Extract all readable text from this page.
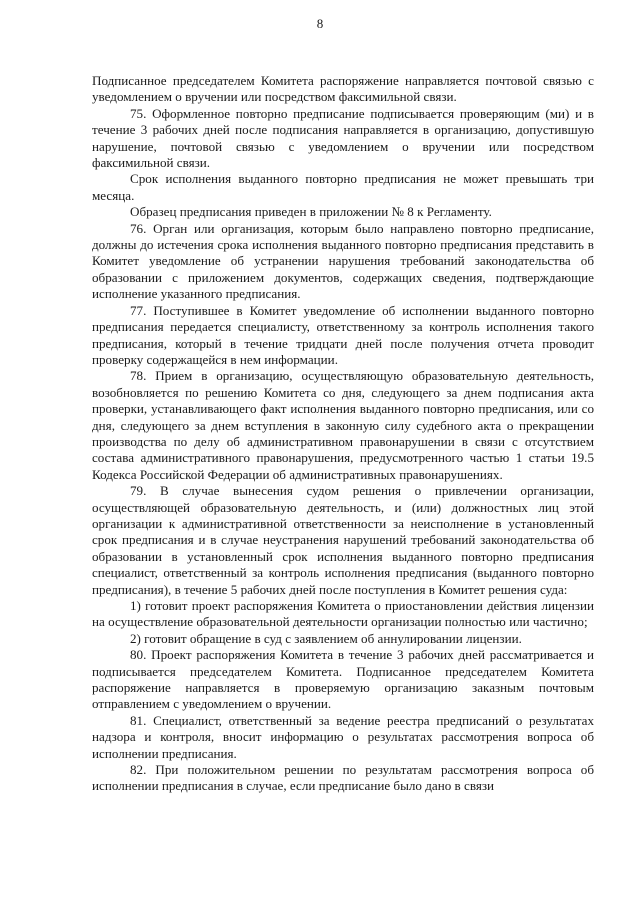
8

Подписанное председателем Комитета распоряжение направляется почтовой связью с уведомлением о вручении или посредством факсимильной связи.

75. Оформленное повторно предписание подписывается проверяющим (ми) и в течение 3 рабочих дней после подписания направляется в организацию, допустившую нарушение, почтовой связью с уведомлением о вручении или посредством факсимильной связи.

Срок исполнения выданного повторно предписания не может превышать три месяца.

Образец предписания приведен в приложении № 8 к Регламенту.

76. Орган или организация, которым было направлено повторно предписание, должны до истечения срока исполнения выданного повторно предписания представить в Комитет уведомление об устранении нарушения требований законодательства об образовании с приложением документов, содержащих сведения, подтверждающие исполнение указанного предписания.

77. Поступившее в Комитет уведомление об исполнении выданного повторно предписания передается специалисту, ответственному за контроль исполнения такого предписания, который в течение тридцати дней после получения отчета проводит проверку содержащейся в нем информации.

78. Прием в организацию, осуществляющую образовательную деятельность, возобновляется по решению Комитета со дня, следующего за днем подписания акта проверки, устанавливающего факт исполнения выданного повторно предписания, или со дня, следующего за днем вступления в законную силу судебного акта о прекращении производства по делу об административном правонарушении в связи с отсутствием состава административного правонарушения, предусмотренного частью 1 статьи 19.5 Кодекса Российской Федерации об административных правонарушениях.

79. В случае вынесения судом решения о привлечении организации, осуществляющей образовательную деятельность, и (или) должностных лиц этой организации к административной ответственности за неисполнение в установленный срок предписания и в случае неустранения нарушений требований законодательства об образовании в установленный срок исполнения выданного повторно предписания специалист, ответственный за контроль исполнения предписания (выданного повторно предписания), в течение 5 рабочих дней после поступления в Комитет решения суда:

1) готовит проект распоряжения Комитета о приостановлении действия лицензии на осуществление образовательной деятельности организации полностью или частично;

2) готовит обращение в суд с заявлением об аннулировании лицензии.

80. Проект распоряжения Комитета в течение 3 рабочих дней рассматривается и подписывается председателем Комитета. Подписанное председателем Комитета распоряжение направляется в проверяемую организацию заказным почтовым отправлением с уведомлением о вручении.

81. Специалист, ответственный за ведение реестра предписаний о результатах надзора и контроля, вносит информацию о результатах рассмотрения вопроса об исполнении предписания.

82. При положительном решении по результатам рассмотрения вопроса об исполнении предписания в случае, если предписание было дано в связи
